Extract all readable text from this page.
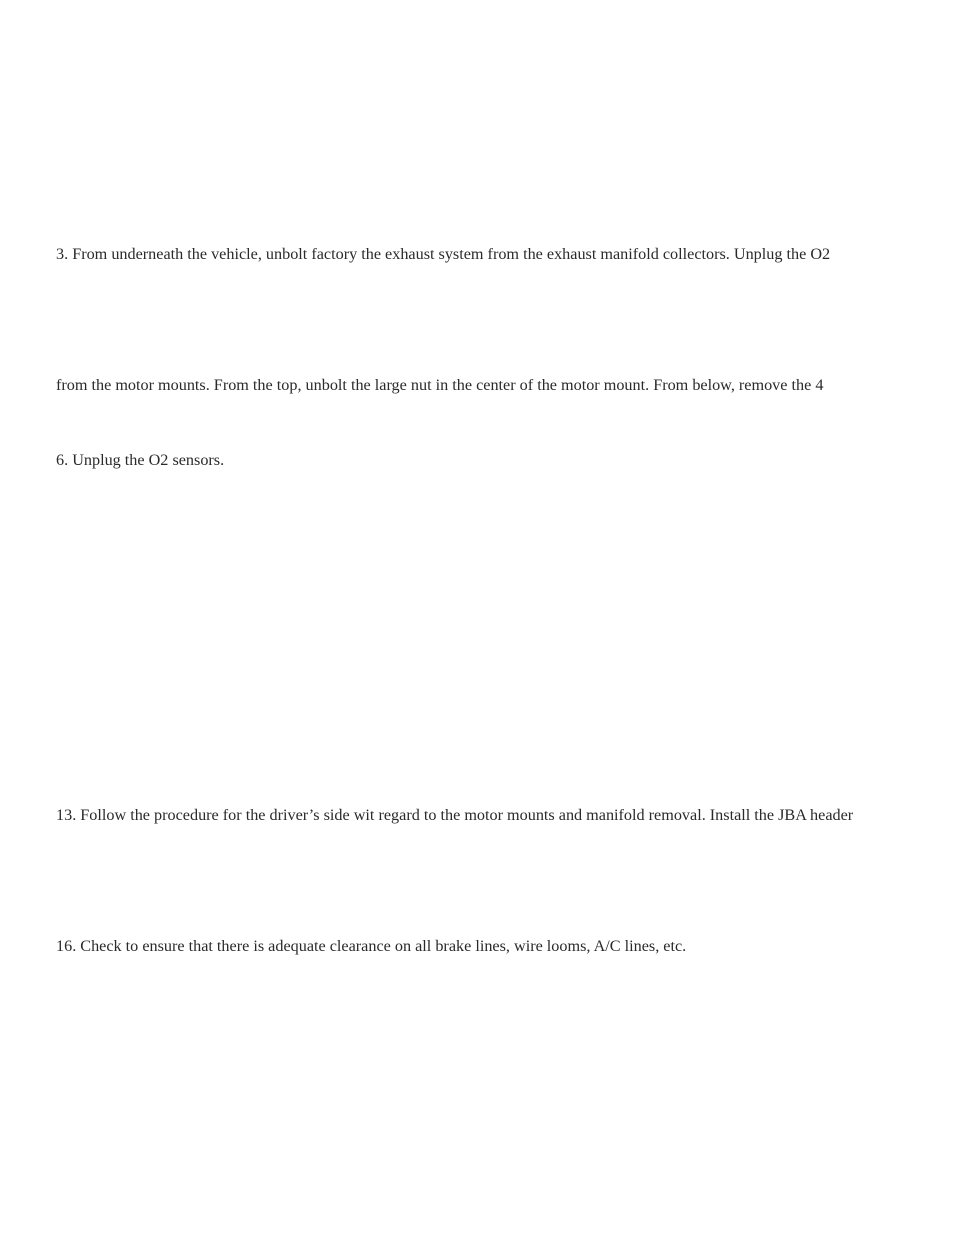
3. From underneath the vehicle, unbolt factory the exhaust system from the exhaust manifold collectors. Unplug the O2

from the motor mounts. From the top, unbolt the large nut in the center of the motor mount. From below, remove the 4

6. Unplug the O2 sensors.

13. Follow the procedure for the driver’s side wit regard to the motor mounts and manifold removal. Install the JBA header

16. Check to ensure that there is adequate clearance on all brake lines, wire looms, A/C lines, etc.
